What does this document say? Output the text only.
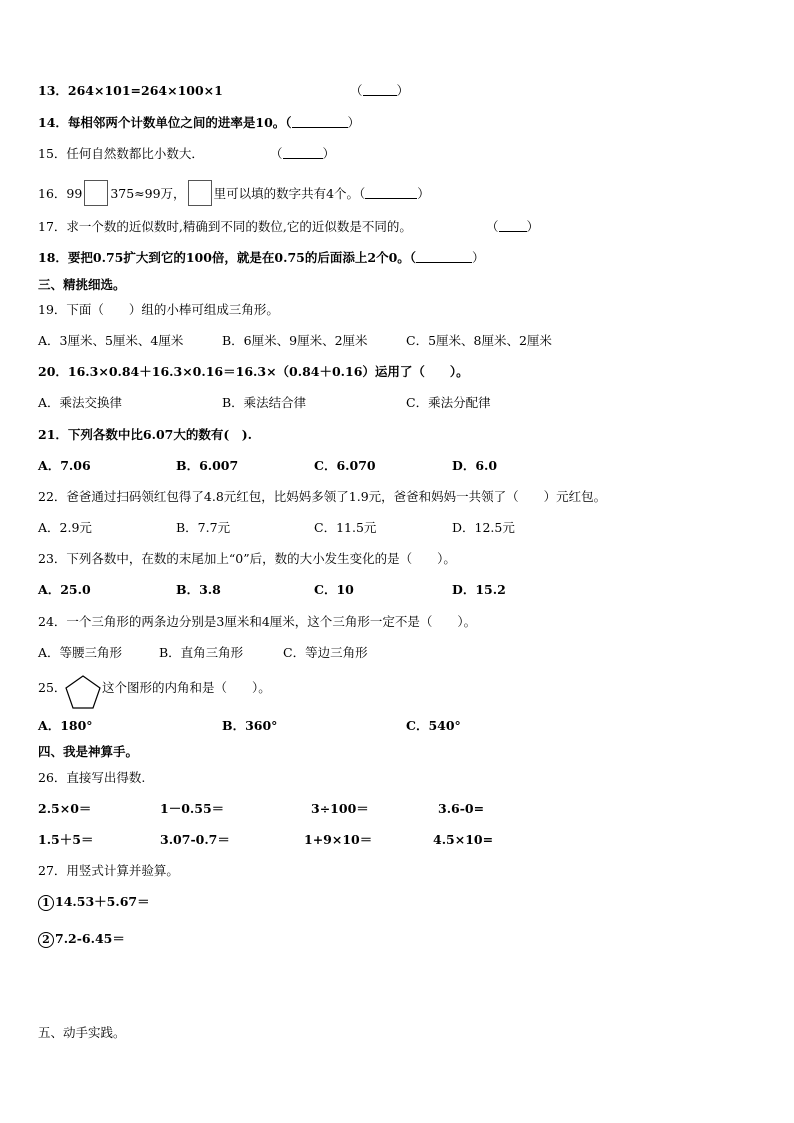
13．264×101=264×100×1	（	）
14．每相邻两个计数单位之间的进率是10。（	）
15．任何自然数都比小数大．	（	）
16．99 375≈99万， 里可以填的数字共有4个。（	）
17．求一个数的近似数时,精确到不同的数位,它的近似数是不同的。	（ ）
18．要把0.75扩大到它的100倍，就是在0.75的后面添上2个0。（	）
三、精挑细选。
19．下面（　　）组的小棒可组成三角形。
A．3厘米、5厘米、4厘米	B．6厘米、9厘米、2厘米	C．5厘米、8厘米、2厘米
20．16.3×0.84＋16.3×0.16＝16.3×（0.84＋0.16）运用了（　　）。
A．乘法交换律	B．乘法结合律	C．乘法分配律
21．下列各数中比6.07大的数有(　).
A．7.06	B．6.007	C．6.070	D．6.0
22．爸爸通过扫码领红包得了4.8元红包，比妈妈多领了1.9元，爸爸和妈妈一共领了（　　）元红包。
A．2.9元	B．7.7元	C．11.5元	D．12.5元
23．下列各数中，在数的末尾加上“0”后，数的大小发生变化的是（　　）。
A．25.0	B．3.8	C．10	D．15.2
24．一个三角形的两条边分别是3厘米和4厘米，这个三角形一定不是（　　）。
A．等腰三角形	B．直角三角形	C．等边三角形
25．	这个图形的内角和是（　　）。
A．180°	B．360°	C．540°
四、我是神算手。
26．直接写出得数.
2.5×0＝	1－0.55＝	3÷100＝	3.6-0=
1.5＋5＝	3.07-0.7＝	1+9×10＝	4.5×10=
27．用竖式计算并验算。
1 14.53＋5.67＝
2 7.2-6.45＝
五、动手实践。
